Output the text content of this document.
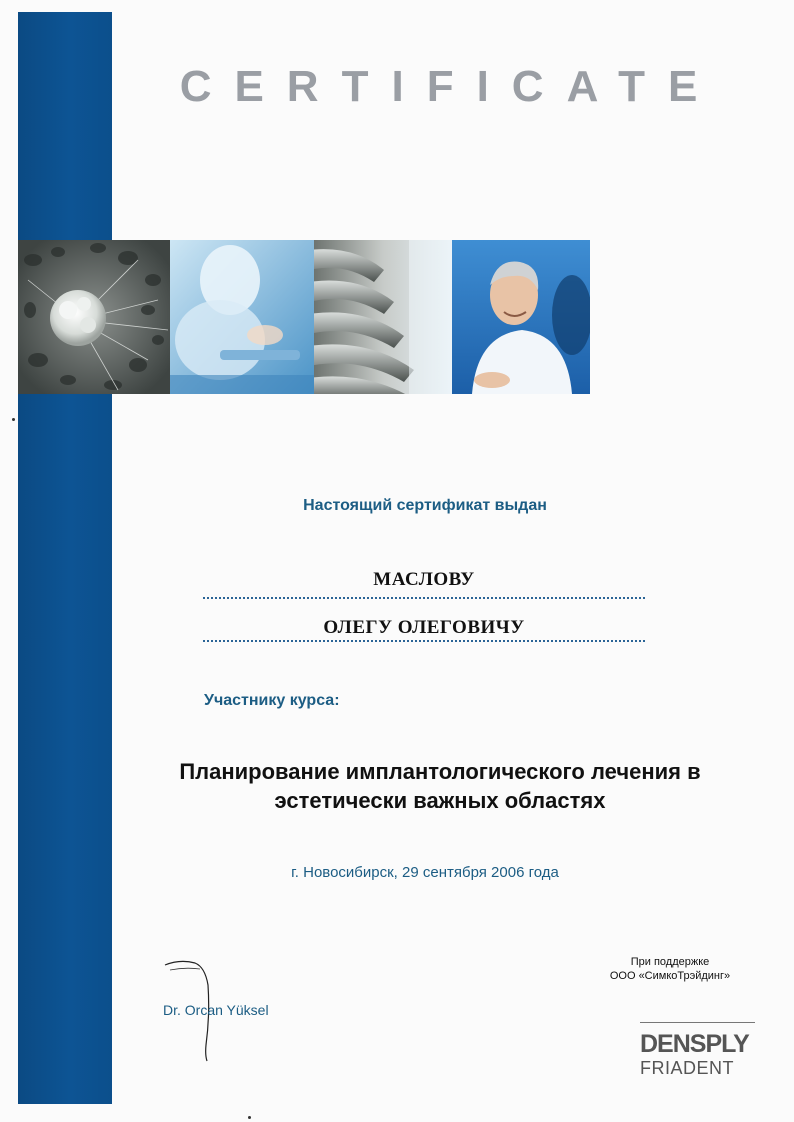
CERTIFICATE
Настоящий сертификат выдан
МАСЛОВУ
ОЛЕГУ ОЛЕГОВИЧУ
Участнику курса:
Планирование имплантологического лечения в
эстетически важных областях
г. Новосибирск, 29 сентября 2006 года
Dr. Orcan Yüksel
При поддержке
ООО «СимкоТрэйдинг»
DENSPLY
FRIADENT
